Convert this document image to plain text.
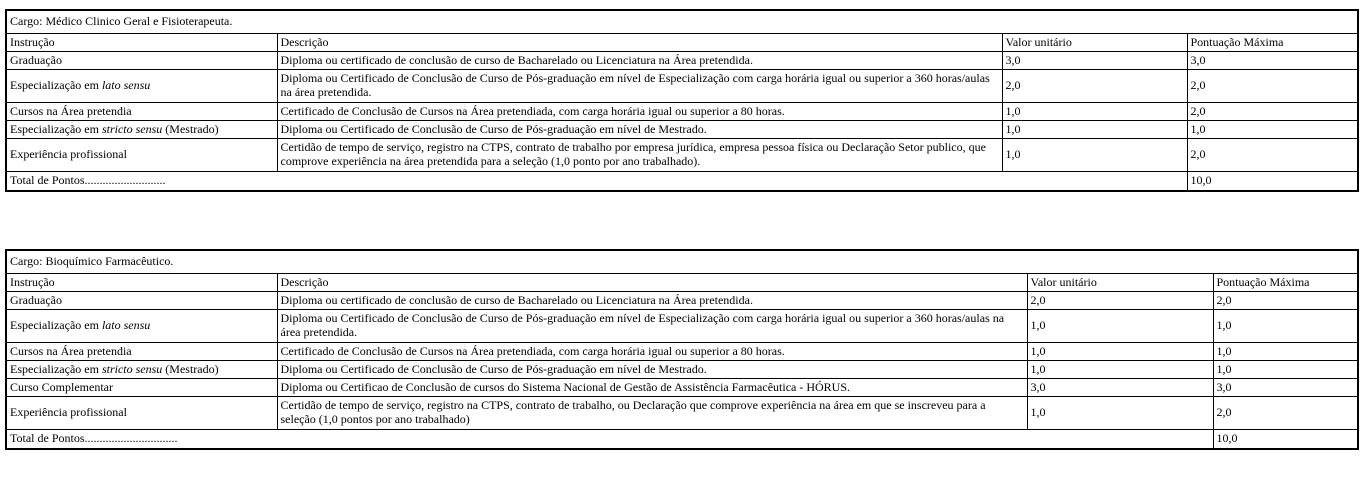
Cargo: Médico Clinico Geral e Fisioterapeuta.			
Instrução	Descrição	Valor unitário	Pontuação Máxima
Graduação	Diploma ou certificado de conclusão de curso de Bacharelado ou Licenciatura na Área pretendida.	3,0	3,0
Especialização em lato sensu	Diploma ou Certificado de Conclusão de Curso de Pós-graduação em nível de Especialização com carga horária igual ou superior a 360 horas/aulas na área pretendida.	2,0	2,0
Cursos na Área pretendia	Certificado de Conclusão de Cursos na Área pretendiada, com carga horária igual ou superior a 80 horas.	1,0	2,0
Especialização em stricto sensu (Mestrado)	Diploma ou Certificado de Conclusão de Curso de Pós-graduação em nível de Mestrado.	1,0	1,0
Experiência profissional	Certidão de tempo de serviço, registro na CTPS, contrato de trabalho por empresa jurídica, empresa pessoa física ou Declaração Setor publico, que comprove experiência na área pretendida para a seleção (1,0 ponto por ano trabalhado).	1,0	2,0
Total de Pontos...........................			10,0
Cargo: Bioquímico Farmacêutico.			
Instrução	Descrição	Valor unitário	Pontuação Máxima
Graduação	Diploma ou certificado de conclusão de curso de Bacharelado ou Licenciatura na Área pretendida.	2,0	2,0
Especialização em lato sensu	Diploma ou Certificado de Conclusão de Curso de Pós-graduação em nível de Especialização com carga horária igual ou superior a 360 horas/aulas na área pretendida.	1,0	1,0
Cursos na Área pretendia	Certificado de Conclusão de Cursos na Área pretendiada, com carga horária igual ou superior a 80 horas.	1,0	1,0
Especialização em stricto sensu (Mestrado)	Diploma ou Certificado de Conclusão de Curso de Pós-graduação em nível de Mestrado.	1,0	1,0
Curso Complementar	Diploma ou Certificao de Conclusão de cursos do Sistema Nacional de Gestão de Assistência Farmacêutica - HÓRUS.	3,0	3,0
Experiência profissional	Certidão de tempo de serviço, registro na CTPS, contrato de trabalho, ou Declaração que comprove experiência na área em que se inscreveu para a seleção (1,0 pontos por ano trabalhado)	1,0	2,0
Total de Pontos...............................			10,0
